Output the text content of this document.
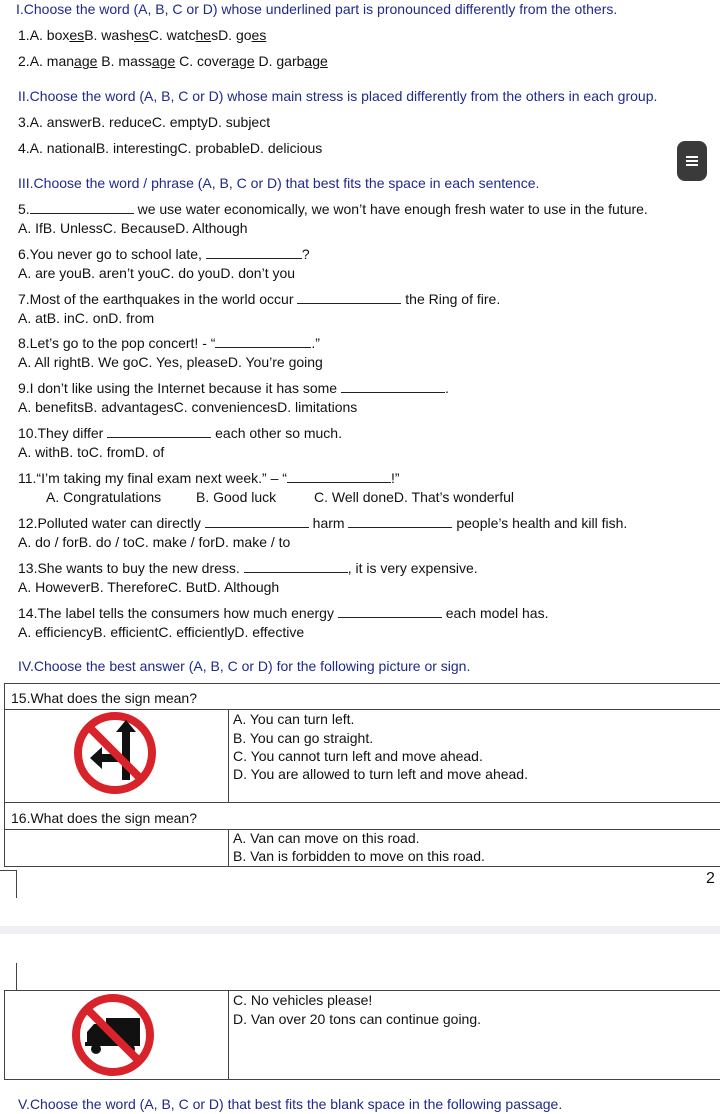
I.Choose the word (A, B, C or D) whose underlined part is pronounced differently from the others.
1.A. boxesB. washesC. watchesD. goes
2.A. manage B. massage C. coverage D. garbage
II.Choose the word (A, B, C or D) whose main stress is placed differently from the others in each group.
3.A. answerB. reduceC. emptyD. subject
4.A. nationalB. interestingC. probableD. delicious
III.Choose the word / phrase (A, B, C or D) that best fits the space in each sentence.
5.	we use water economically, we won’t have enough fresh water to use in the future.
A. IfB. UnlessC. BecauseD. Although
6.You never go to school late,	?
A. are youB. aren’t youC. do youD. don’t you
7.Most of the earthquakes in the world occur	the Ring of fire.
A. atB. inC. onD. from
8.Let’s go to the pop concert! - “	.”
A. All rightB. We goC. Yes, pleaseD. You’re going
9.I don’t like using the Internet because it has some	.
A. benefitsB. advantagesC. conveniencesD. limitations
10.They differ	each other so much.
A. withB. toC. fromD. of
11.“I’m taking my final exam next week.” – “	!”
A. Congratulations B. Good luck	C. Well doneD. That’s wonderful
12.Polluted water can directly	harm	people’s health and kill fish.
A. do / forB. do / toC. make / forD. make / to
13.She wants to buy the new dress.	, it is very expensive.
A. HoweverB. ThereforeC. ButD. Although
14.The label tells the consumers how much energy	each model has.
A. efficiencyB. efficientC. efficientlyD. effective
IV.Choose the best answer (A, B, C or D) for the following picture or sign.
15.What does the sign mean?
A. You can turn left.
B. You can go straight.
C. You cannot turn left and move ahead.
D. You are allowed to turn left and move ahead.
16.What does the sign mean?
A. Van can move on this road.
B. Van is forbidden to move on this road.
2
C. No vehicles please!
D. Van over 20 tons can continue going.
V.Choose the word (A, B, C or D) that best fits the blank space in the following passage.
